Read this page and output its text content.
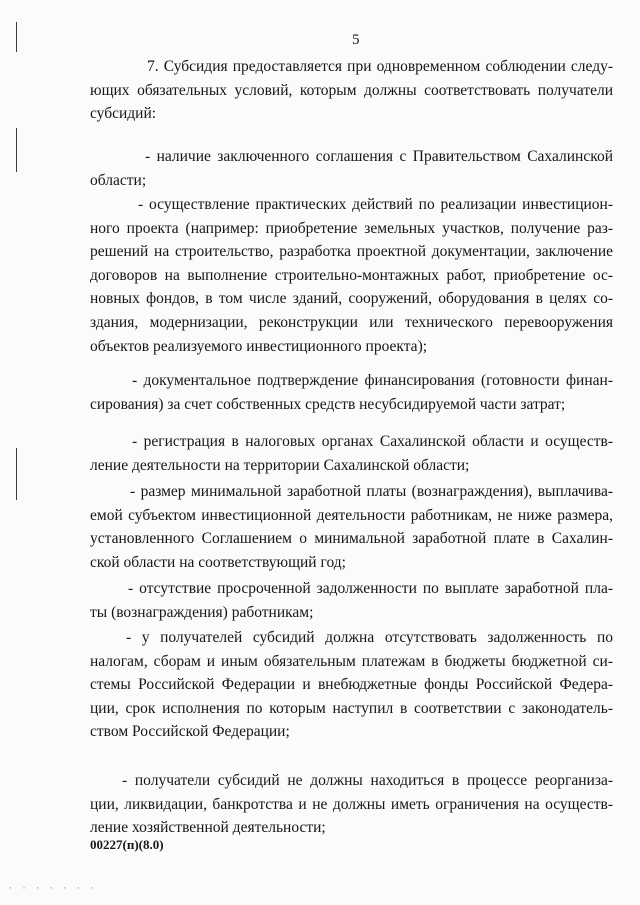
5
7. Субсидия предоставляется при одновременном соблюдении следу-
ющих обязательных условий, которым должны соответствовать получатели
субсидий:
- наличие заключенного соглашения с Правительством Сахалинской
области;
- осуществление практических действий по реализации инвестицион-
ного проекта (например: приобретение земельных участков, получение раз-
решений на строительство, разработка проектной документации, заключение
договоров на выполнение строительно-монтажных работ, приобретение ос-
новных фондов, в том числе зданий, сооружений, оборудования в целях со-
здания, модернизации, реконструкции или технического перевооружения
объектов реализуемого инвестиционного проекта);
- документальное подтверждение финансирования (готовности финан-
сирования) за счет собственных средств несубсидируемой части затрат;
- регистрация в налоговых органах Сахалинской области и осуществ-
ление деятельности на территории Сахалинской области;
- размер минимальной заработной платы (вознаграждения), выплачива-
емой субъектом инвестиционной деятельности работникам, не ниже размера,
установленного Соглашением о минимальной заработной плате в Сахалин-
ской области на соответствующий год;
- отсутствие просроченной задолженности по выплате заработной пла-
ты (вознаграждения) работникам;
- у получателей субсидий должна отсутствовать задолженность по
налогам, сборам и иным обязательным платежам в бюджеты бюджетной си-
стемы Российской Федерации и внебюджетные фонды Российской Федера-
ции, срок исполнения по которым наступил в соответствии с законодатель-
ством Российской Федерации;
- получатели субсидий не должны находиться в процессе реорганиза-
ции, ликвидации, банкротства и не должны иметь ограничения на осуществ-
ление хозяйственной деятельности;
00227(п)(8.0)
· · · · · · ·
